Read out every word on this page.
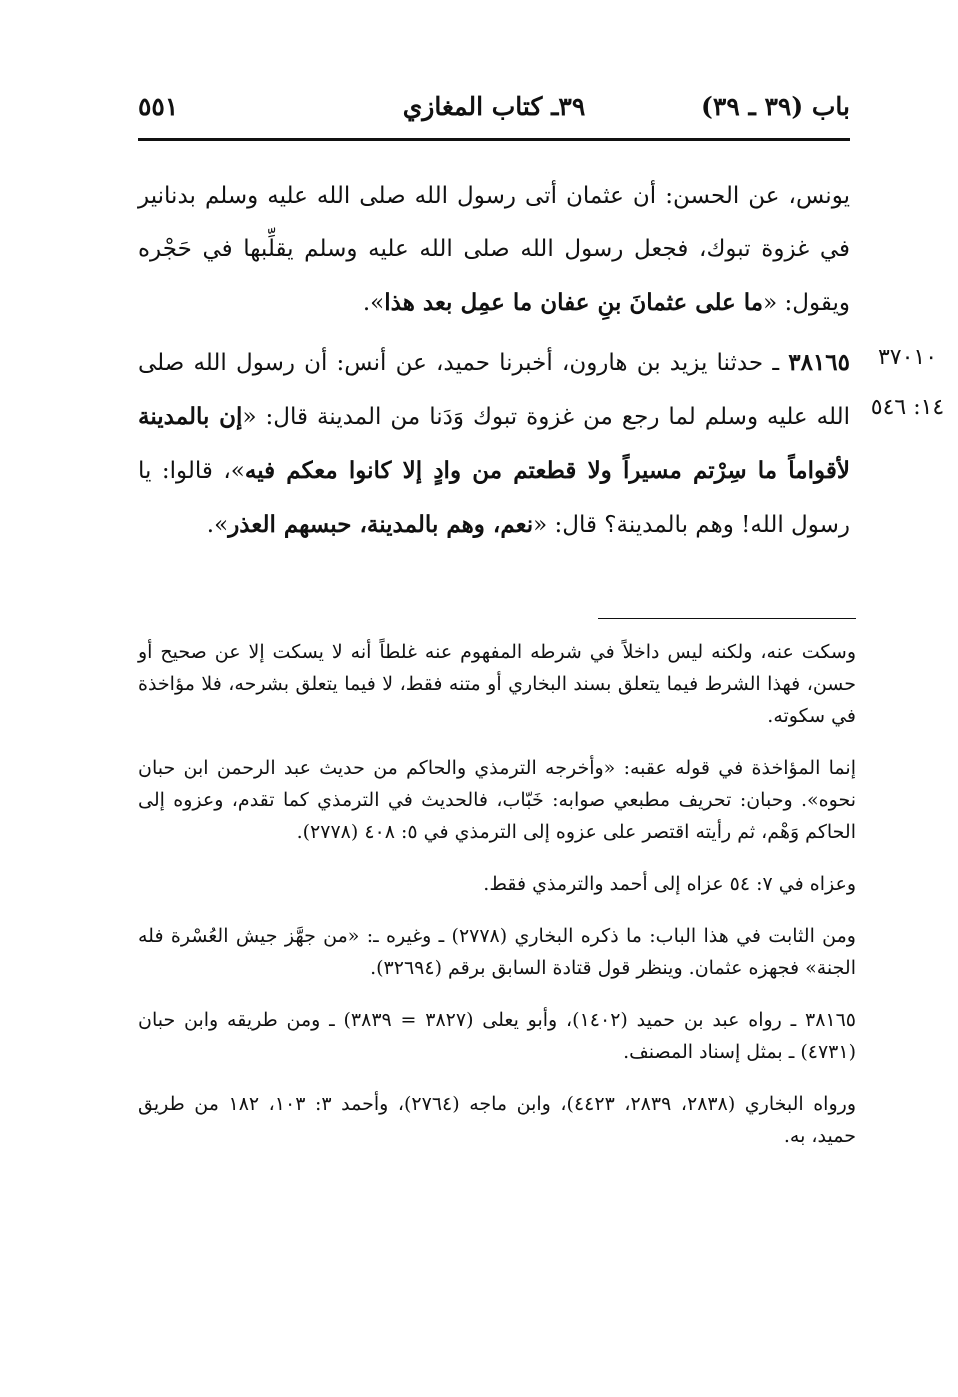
باب (٣٩ ـ ٣٩)
٣٩ـ كتاب المغازي
٥٥١
يونس، عن الحسن: أن عثمان أتى رسول الله صلى الله عليه وسلم بدنانير في غزوة تبوك، فجعل رسول الله صلى الله عليه وسلم يقلِّبها في حَجْره ويقول: «ما على عثمانَ بنِ عفان ما عمِل بعد هذا».
٣٧٠١٠
١٤: ٥٤٦
٣٨١٦٥ ـ حدثنا يزيد بن هارون، أخبرنا حميد، عن أنس: أن رسول الله صلى الله عليه وسلم لما رجع من غزوة تبوك وَدَنا من المدينة قال: «إن بالمدينة لأقواماً ما سِرْتم مسيراً ولا قطعتم من وادٍ إلا كانوا معكم فيه»، قالوا: يا رسول الله! وهم بالمدينة؟ قال: «نعم، وهم بالمدينة، حبسهم العذر».

وسكت عنه، ولكنه ليس داخلاً في شرطه المفهوم عنه غلطاً أنه لا يسكت إلا عن صحيح أو حسن، فهذا الشرط فيما يتعلق بسند البخاري أو متنه فقط، لا فيما يتعلق بشرحه، فلا مؤاخذة في سكوته.

إنما المؤاخذة في قوله عقبه: «وأخرجه الترمذي والحاكم من حديث عبد الرحمن ابن حبان نحوه». وحبان: تحريف مطبعي صوابه: خَبّاب، فالحديث في الترمذي كما تقدم، وعزوه إلى الحاكم وَهْم، ثم رأيته اقتصر على عزوه إلى الترمذي في ٥: ٤٠٨ (٢٧٧٨).

وعزاه في ٧: ٥٤ عزاه إلى أحمد والترمذي فقط.

ومن الثابت في هذا الباب: ما ذكره البخاري (٢٧٧٨) ـ وغيره ـ: «من جهَّز جيش العُسْرة فله الجنة» فجهزه عثمان. وينظر قول قتادة السابق برقم (٣٢٦٩٤).

٣٨١٦٥ ـ رواه عبد بن حميد (١٤٠٢)، وأبو يعلى (٣٨٢٧ = ٣٨٣٩) ـ ومن طريقه وابن حبان (٤٧٣١) ـ بمثل إسناد المصنف.

ورواه البخاري (٢٨٣٨، ٢٨٣٩، ٤٤٢٣)، وابن ماجه (٢٧٦٤)، وأحمد ٣: ١٠٣، ١٨٢ من طريق حميد، به.
